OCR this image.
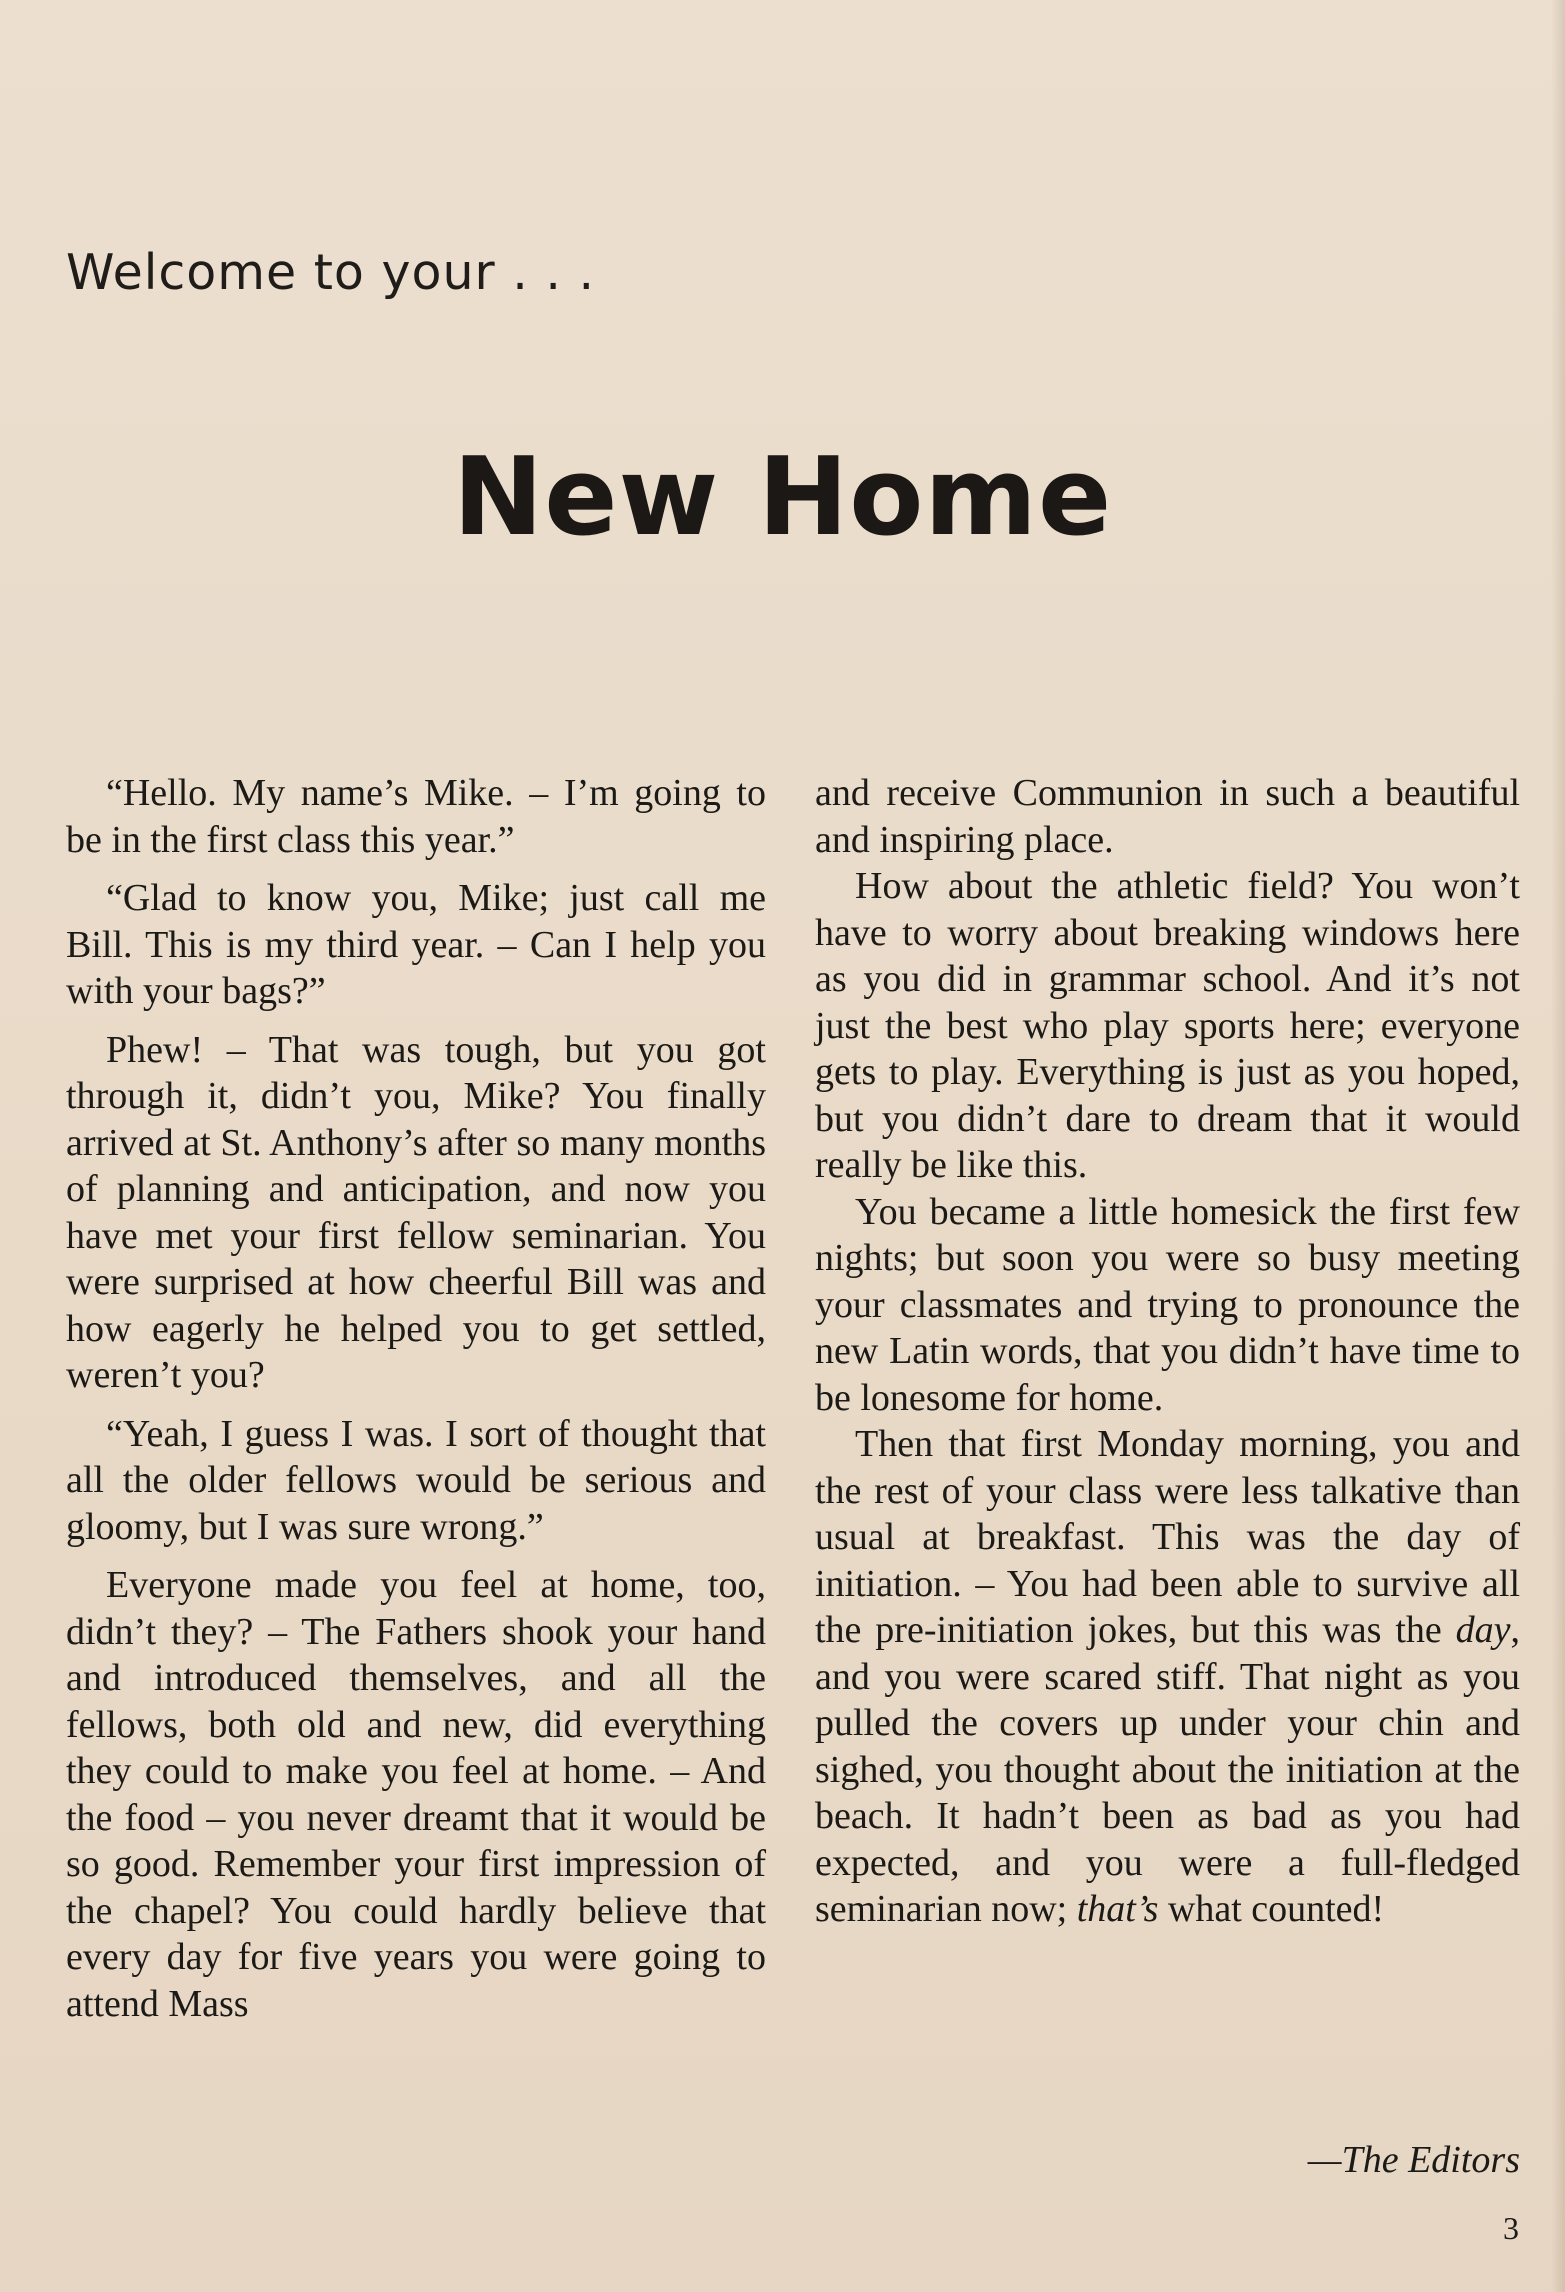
Welcome to your . . .
New Home

“Hello. My name’s Mike. – I’m going to be in the first class this year.”

“Glad to know you, Mike; just call me Bill. This is my third year. – Can I help you with your bags?”

Phew! – That was tough, but you got through it, didn’t you, Mike? You finally arrived at St. Anthony’s after so many months of planning and anticipation, and now you have met your first fellow seminarian. You were surprised at how cheerful Bill was and how eagerly he helped you to get settled, weren’t you?

“Yeah, I guess I was. I sort of thought that all the older fellows would be serious and gloomy, but I was sure wrong.”

Everyone made you feel at home, too, didn’t they? – The Fathers shook your hand and introduced themselves, and all the fellows, both old and new, did everything they could to make you feel at home. – And the food – you never dreamt that it would be so good. Remember your first impression of the chapel? You could hardly believe that every day for five years you were going to attend Mass

and receive Communion in such a beautiful and inspiring place.

How about the athletic field? You won’t have to worry about breaking windows here as you did in grammar school. And it’s not just the best who play sports here; everyone gets to play. Everything is just as you hoped, but you didn’t dare to dream that it would really be like this.

You became a little homesick the first few nights; but soon you were so busy meeting your classmates and trying to pronounce the new Latin words, that you didn’t have time to be lonesome for home.

Then that first Monday morning, you and the rest of your class were less talkative than usual at breakfast. This was the day of initiation. – You had been able to survive all the pre-initiation jokes, but this was the day, and you were scared stiff. That night as you pulled the covers up under your chin and sighed, you thought about the initiation at the beach. It hadn’t been as bad as you had expected, and you were a full-fledged seminarian now; that’s what counted!

—The Editors

3
